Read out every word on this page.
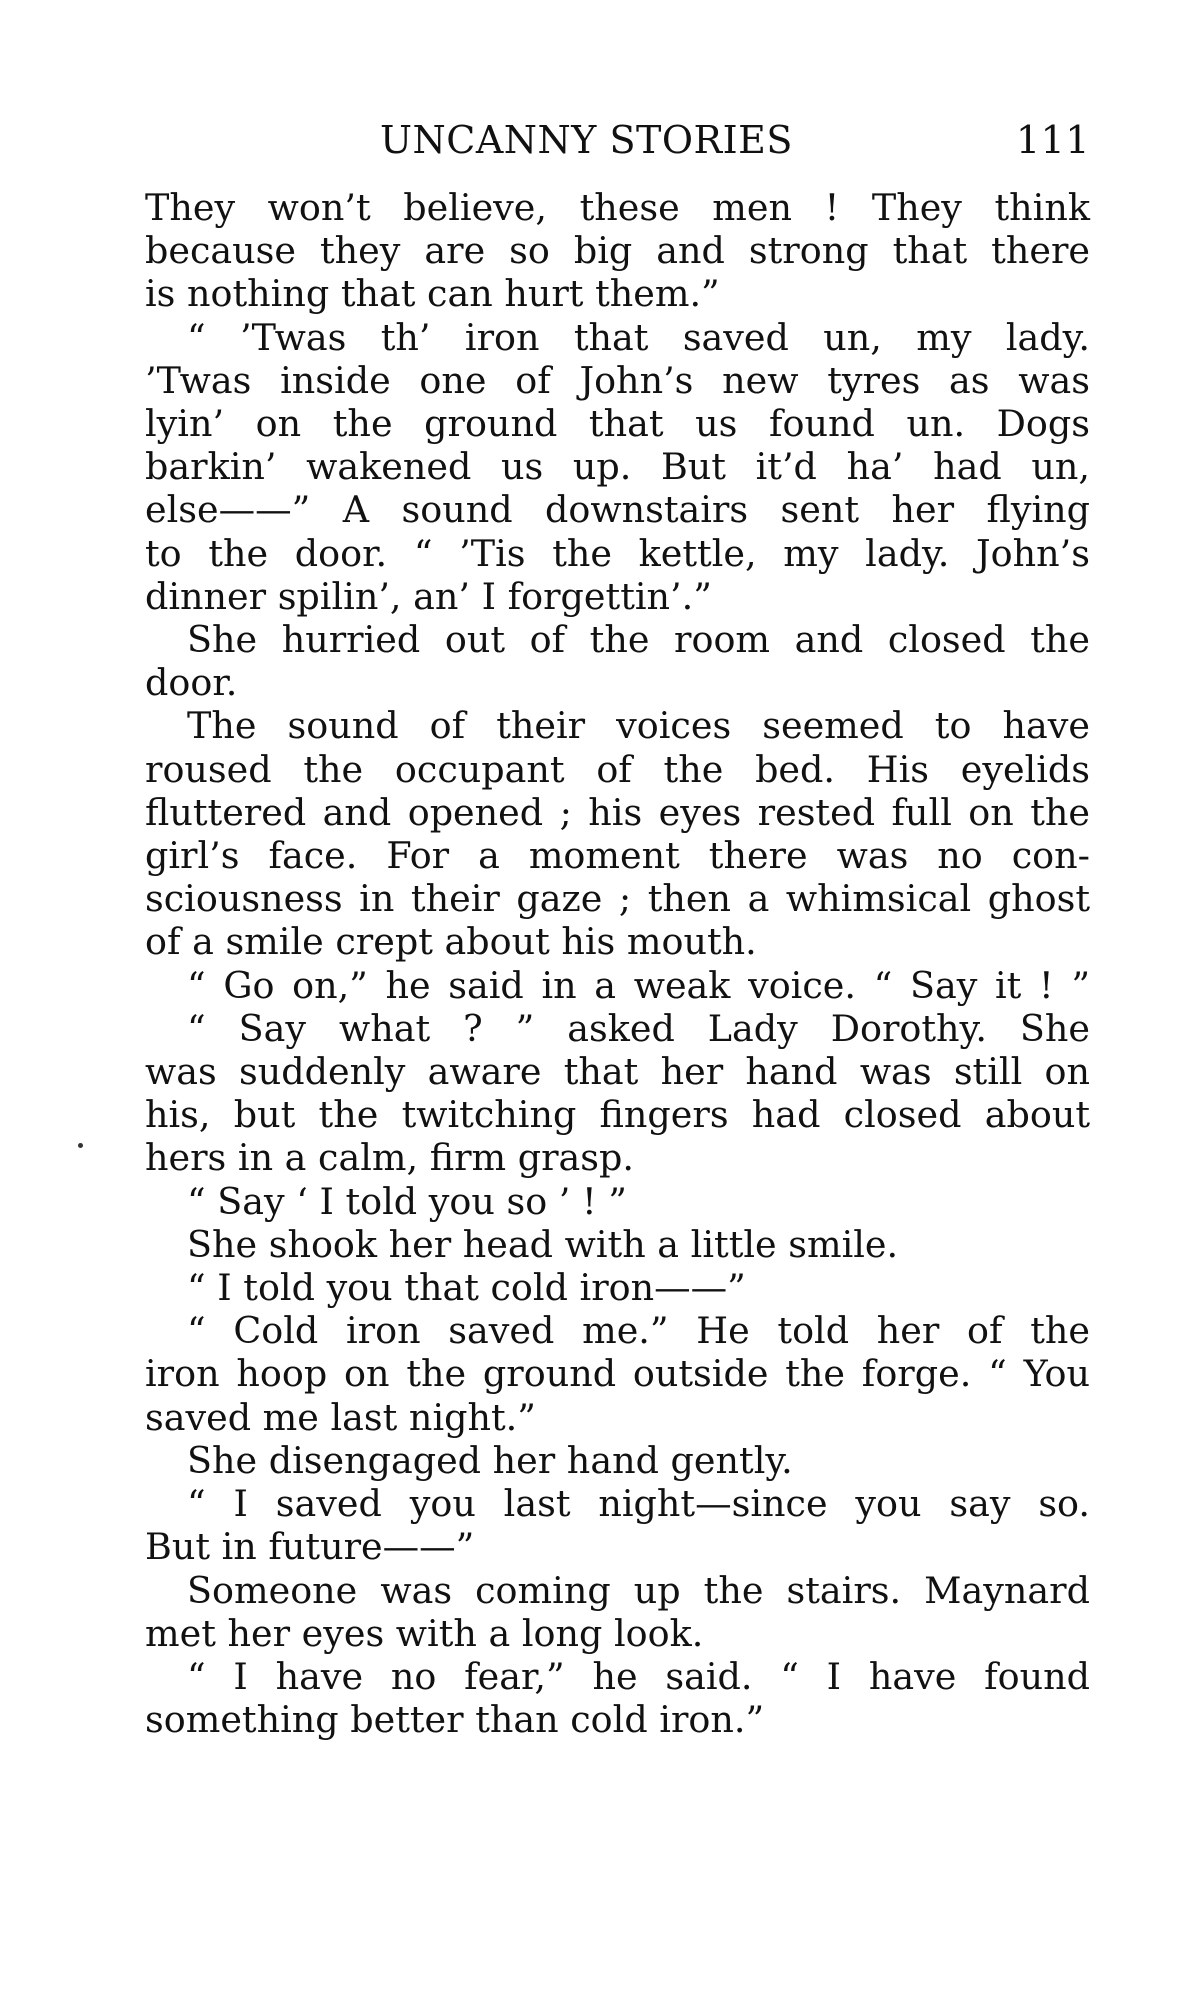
UNCANNY STORIES	111
They won’t believe, these men ! They think
because they are so big and strong that there
is nothing that can hurt them.”
“ ’Twas th’ iron that saved un, my lady.
’Twas inside one of John’s new tyres as was
lyin’ on the ground that us found un. Dogs
barkin’ wakened us up. But it’d ha’ had un,
else——” A sound downstairs sent her flying
to the door. “ ’Tis the kettle, my lady. John’s
dinner spilin’, an’ I forgettin’.”
She hurried out of the room and closed the
door.
The sound of their voices seemed to have
roused the occupant of the bed. His eyelids
fluttered and opened ; his eyes rested full on the
girl’s face. For a moment there was no con-
sciousness in their gaze ; then a whimsical ghost
of a smile crept about his mouth.
“ Go on,” he said in a weak voice. “ Say it ! ”
“ Say what ? ” asked Lady Dorothy. She
was suddenly aware that her hand was still on
his, but the twitching fingers had closed about
hers in a calm, firm grasp.
“ Say ‘ I told you so ’ ! ”
She shook her head with a little smile.
“ I told you that cold iron——”
“ Cold iron saved me.” He told her of the
iron hoop on the ground outside the forge. “ You
saved me last night.”
She disengaged her hand gently.
“ I saved you last night—since you say so.
But in future——”
Someone was coming up the stairs. Maynard
met her eyes with a long look.
“ I have no fear,” he said. “ I have found
something better than cold iron.”
